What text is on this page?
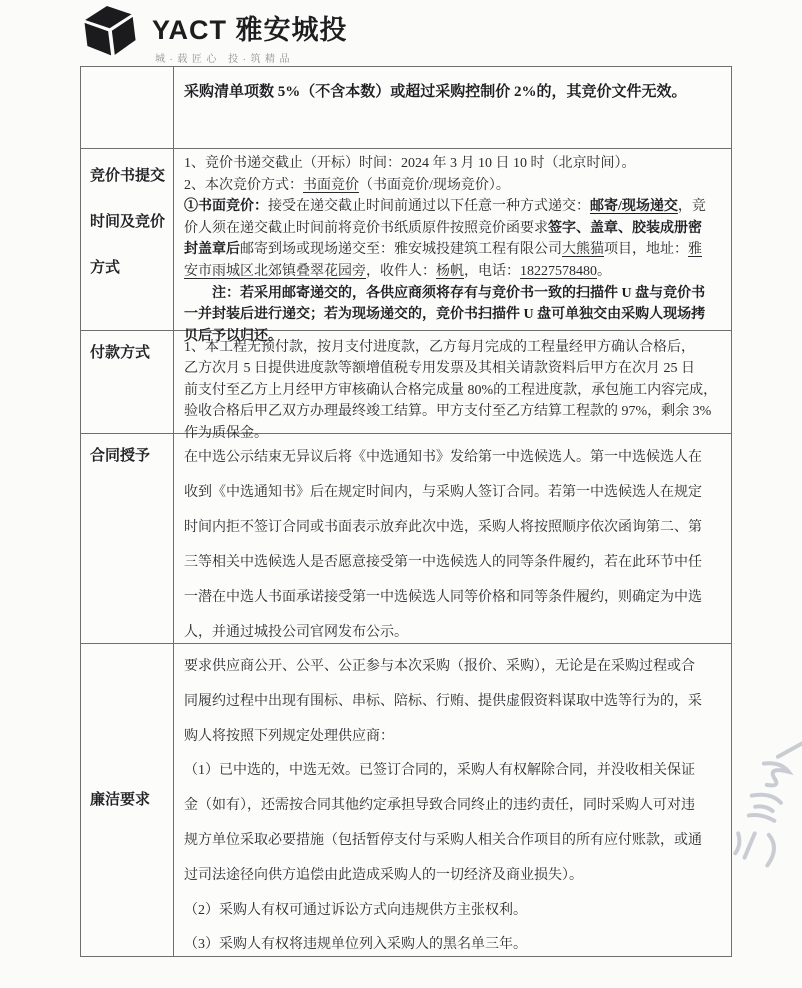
YACT 雅安城投
城·载匠心 投·筑精品
采购清单项数 5%（不含本数）或超过采购控制价 2%的，其竞价文件无效。
竞价书提交
时间及竞价
方式
1、竞价书递交截止（开标）时间：2024 年 3 月 10 日 10 时（北京时间）。
2、本次竞价方式：书面竞价（书面竞价/现场竞价）。
①书面竞价：接受在递交截止时间前通过以下任意一种方式递交：邮寄/现场递交，竞
价人须在递交截止时间前将竞价书纸质原件按照竞价函要求签字、盖章、胶装成册密
封盖章后邮寄到场或现场递交至：雅安城投建筑工程有限公司大熊猫项目，地址：雅
安市雨城区北郊镇叠翠花园旁，收件人：杨帆，电话：18227578480。
　　注：若采用邮寄递交的，各供应商须将存有与竞价书一致的扫描件 U 盘与竞价书
一并封装后进行递交；若为现场递交的，竞价书扫描件 U 盘可单独交由采购人现场拷
贝后予以归还。
付款方式	1、本工程无预付款，按月支付进度款，乙方每月完成的工程量经甲方确认合格后，
乙方次月 5 日提供进度款等额增值税专用发票及其相关请款资料后甲方在次月 25 日
前支付至乙方上月经甲方审核确认合格完成量 80%的工程进度款，承包施工内容完成，
验收合格后甲乙双方办理最终竣工结算。甲方支付至乙方结算工程款的 97%，剩余 3%
作为质保金。
合同授予	在中选公示结束无异议后将《中选通知书》发给第一中选候选人。第一中选候选人在
收到《中选通知书》后在规定时间内，与采购人签订合同。若第一中选候选人在规定
时间内拒不签订合同或书面表示放弃此次中选，采购人将按照顺序依次函询第二、第
三等相关中选候选人是否愿意接受第一中选候选人的同等条件履约，若在此环节中任
一潜在中选人书面承诺接受第一中选候选人同等价格和同等条件履约，则确定为中选
人，并通过城投公司官网发布公示。
廉洁要求
要求供应商公开、公平、公正参与本次采购（报价、采购），无论是在采购过程或合
同履约过程中出现有围标、串标、陪标、行贿、提供虚假资料谋取中选等行为的，采
购人将按照下列规定处理供应商：
（1）已中选的，中选无效。已签订合同的，采购人有权解除合同，并没收相关保证
金（如有），还需按合同其他约定承担导致合同终止的违约责任，同时采购人可对违
规方单位采取必要措施（包括暂停支付与采购人相关合作项目的所有应付账款，或通
过司法途径向供方追偿由此造成采购人的一切经济及商业损失）。
（2）采购人有权可通过诉讼方式向违规供方主张权利。
（3）采购人有权将违规单位列入采购人的黑名单三年。
